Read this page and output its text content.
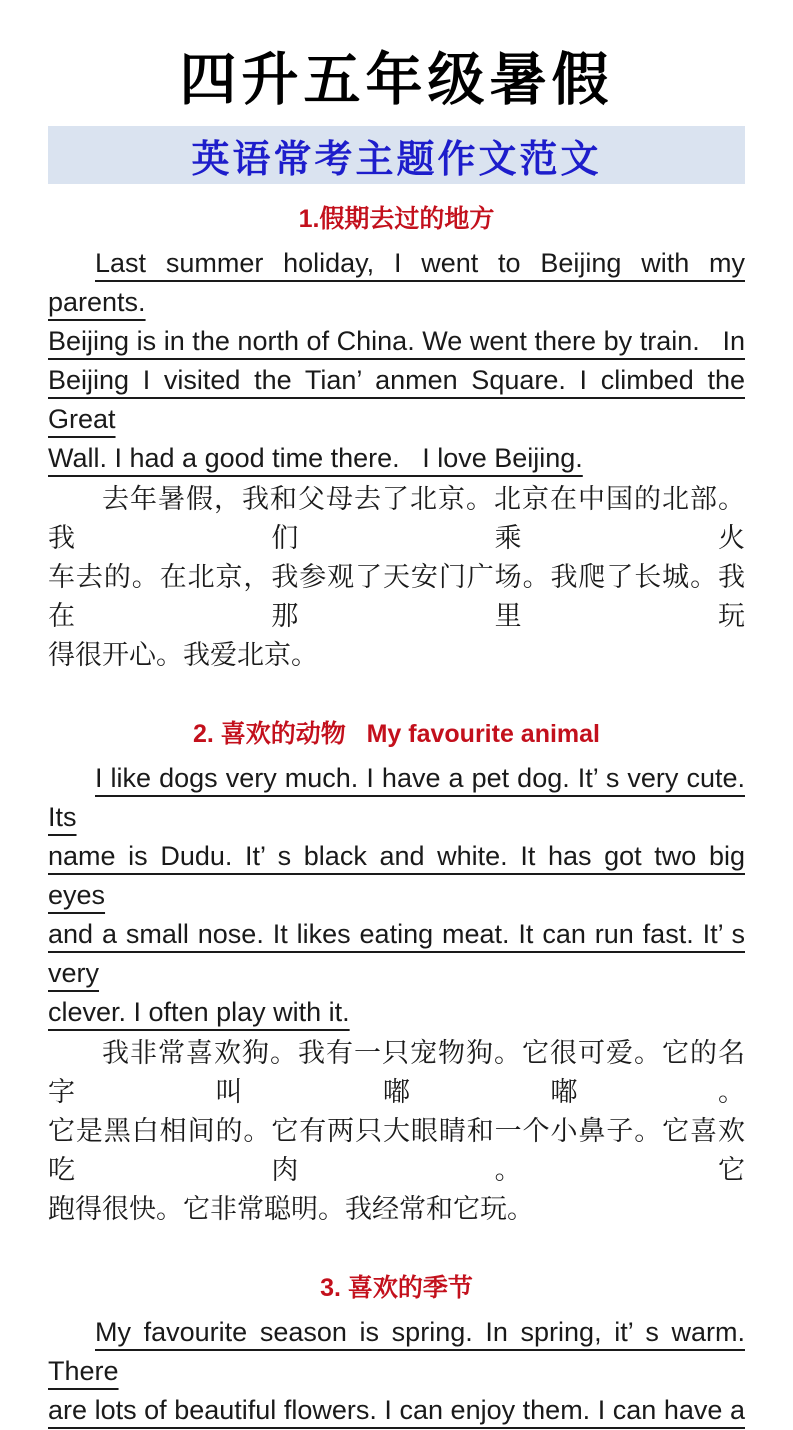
四升五年级暑假
英语常考主题作文范文
1.假期去过的地方
Last summer holiday, I went to Beijing with my parents.
Beijing is in the north of China. We went there by train.   In
Beijing I visited the Tian’ anmen Square. I climbed the Great
Wall. I had a good time there.   I love Beijing.
去年暑假，我和父母去了北京。北京在中国的北部。我们乘火
车去的。在北京，我参观了天安门广场。我爬了长城。我在那里玩
得很开心。我爱北京。
2. 喜欢的动物   My favourite animal
I like dogs very much. I have a pet dog. It’ s very cute. Its
name is Dudu. It’ s black and white. It has got two big eyes
and a small nose. It likes eating meat. It can run fast. It’ s very
clever. I often play with it.
我非常喜欢狗。我有一只宠物狗。它很可爱。它的名字叫嘟嘟。
它是黑白相间的。它有两只大眼睛和一个小鼻子。它喜欢吃肉。它
跑得很快。它非常聪明。我经常和它玩。
3. 喜欢的季节
My favourite season is spring. In spring, it’ s warm. There
are lots of beautiful flowers. I can enjoy them. I can have a
